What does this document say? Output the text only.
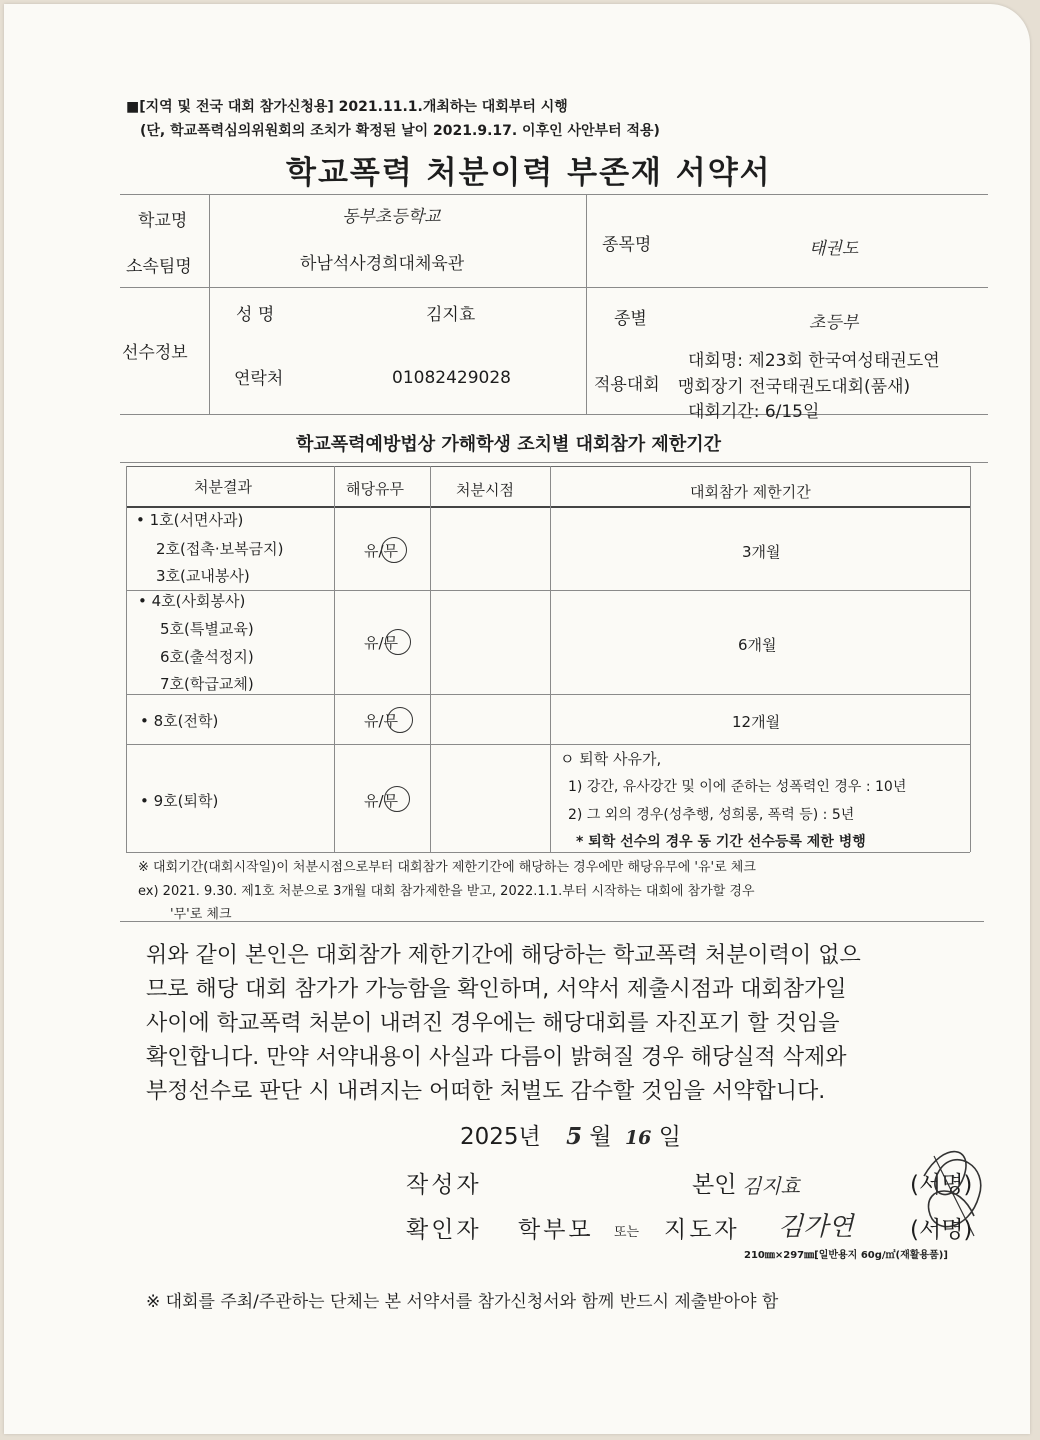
■[지역 및 전국 대회 참가신청용] 2021.11.1.개최하는 대회부터 시행
(단, 학교폭력심의위원회의 조치가 확정된 날이 2021.9.17. 이후인 사안부터 적용)
학교폭력 처분이력 부존재 서약서
학교명	동부초등학교
소속팀명	하남석사경희대체육관
종목명	태권도
선수정보
성 명	김지효	종별	초등부
연락처	01082429028	적용대회
대회명: 제23회 한국여성태권도연
맹회장기 전국태권도대회(품새)
대회기간: 6/15일
학교폭력예방법상 가해학생 조치별 대회참가 제한기간
처분결과	해당유무	처분시점	대회참가 제한기간
• 1호(서면사과)
2호(접촉·보복금지)
3호(교내봉사)
유/무	3개월
• 4호(사회봉사)
5호(특별교육)
6호(출석정지)
7호(학급교체)
유/무	6개월
• 8호(전학)	유/무	12개월
• 9호(퇴학)	유/무
ㅇ 퇴학 사유가,
1) 강간, 유사강간 및 이에 준하는 성폭력인 경우 : 10년
2) 그 외의 경우(성추행, 성희롱, 폭력 등) : 5년
* 퇴학 선수의 경우 동 기간 선수등록 제한 병행
※ 대회기간(대회시작일)이 처분시점으로부터 대회참가 제한기간에 해당하는 경우에만 해당유무에 '유'로 체크
ex) 2021. 9.30. 제1호 처분으로 3개월 대회 참가제한을 받고, 2022.1.1.부터 시작하는 대회에 참가할 경우
'무'로 체크
위와 같이 본인은 대회참가 제한기간에 해당하는 학교폭력 처분이력이 없으
므로 해당 대회 참가가 가능함을 확인하며, 서약서 제출시점과 대회참가일
사이에 학교폭력 처분이 내려진 경우에는 해당대회를 자진포기 할 것임을
확인합니다. 만약 서약내용이 사실과 다름이 밝혀질 경우 해당실적 삭제와
부정선수로 판단 시 내려지는 어떠한 처벌도 감수할 것임을 서약합니다.
2025년 5 월 16 일
작성자	본인 김지효	(서명)
확인자 학부모 또는 지도자 김가연 (서명)
210㎜×297㎜[일반용지 60g/㎡(재활용품)]
※ 대회를 주최/주관하는 단체는 본 서약서를 참가신청서와 함께 반드시 제출받아야 함
